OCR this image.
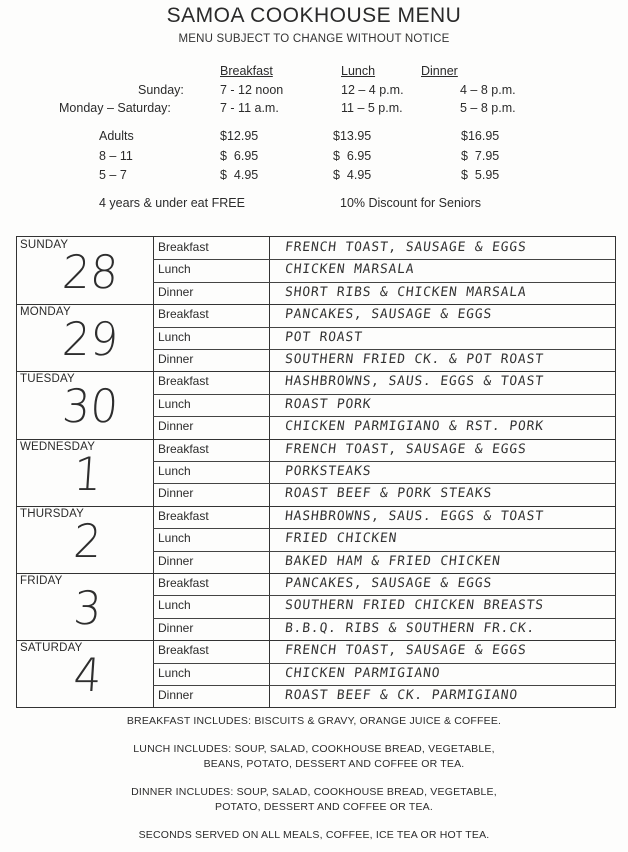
SAMOA COOKHOUSE MENU
MENU SUBJECT TO CHANGE WITHOUT NOTICE
Breakfast	Lunch	Dinner
Sunday:	7 - 12 noon	12 – 4 p.m.	4 – 8 p.m.
Monday – Saturday:	7 - 11 a.m.	11 – 5 p.m.	5 – 8 p.m.
Adults	$12.95	$13.95	$16.95
8 – 11	$  6.95	$  6.95	$  7.95
5 – 7	$  4.95	$  4.95	$  5.95
4 years & under eat FREE	10% Discount for Seniors
SUNDAY
28	Breakfast	FRENCH TOAST, SAUSAGE & EGGS
Lunch	CHICKEN MARSALA
Dinner	SHORT RIBS & CHICKEN MARSALA
MONDAY
29	Breakfast	PANCAKES, SAUSAGE & EGGS
Lunch	POT ROAST
Dinner	SOUTHERN FRIED CK. & POT ROAST
TUESDAY
30	Breakfast	HASHBROWNS, SAUS. EGGS & TOAST
Lunch	ROAST PORK
Dinner	CHICKEN PARMIGIANO & RST. PORK
WEDNESDAY
1	Breakfast	FRENCH TOAST, SAUSAGE & EGGS
Lunch	PORKSTEAKS
Dinner	ROAST BEEF & PORK STEAKS
THURSDAY
2	Breakfast	HASHBROWNS, SAUS. EGGS & TOAST
Lunch	FRIED CHICKEN
Dinner	BAKED HAM & FRIED CHICKEN
FRIDAY 3	Breakfast	PANCAKES, SAUSAGE & EGGS
Lunch	SOUTHERN FRIED CHICKEN BREASTS
Dinner	B.B.Q. RIBS & SOUTHERN FR.CK.
SATURDAY
4	Breakfast	FRENCH TOAST, SAUSAGE & EGGS
Lunch	CHICKEN PARMIGIANO
Dinner	ROAST BEEF & CK. PARMIGIANO
BREAKFAST INCLUDES: BISCUITS & GRAVY, ORANGE JUICE & COFFEE.
LUNCH INCLUDES: SOUP, SALAD, COOKHOUSE BREAD, VEGETABLE,
BEANS, POTATO, DESSERT AND COFFEE OR TEA.
DINNER INCLUDES: SOUP, SALAD, COOKHOUSE BREAD, VEGETABLE,
POTATO, DESSERT AND COFFEE OR TEA.
SECONDS SERVED ON ALL MEALS, COFFEE, ICE TEA OR HOT TEA.
